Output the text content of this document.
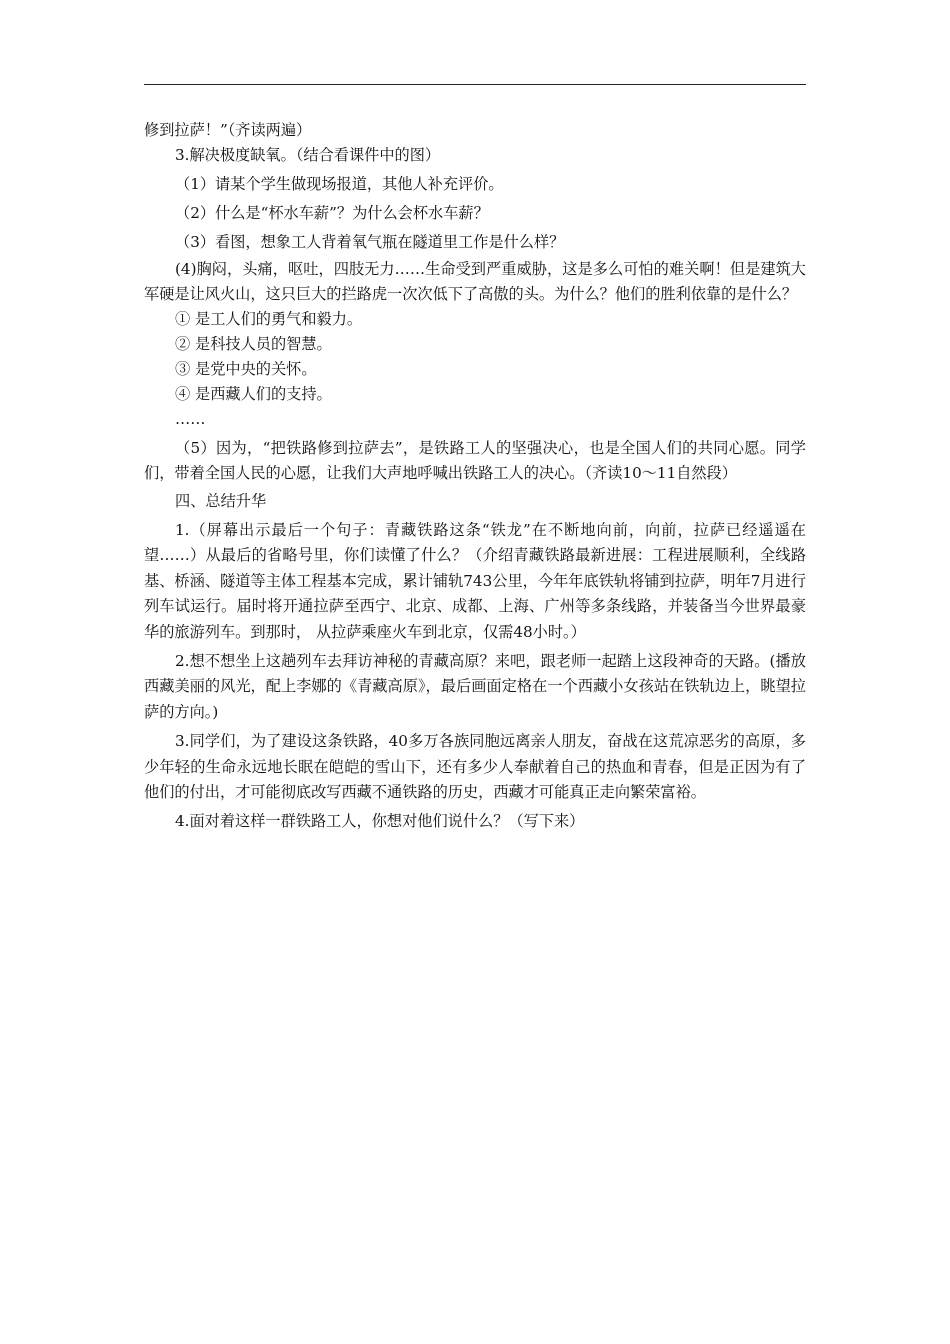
修到拉萨！”（齐读两遍）

3.解决极度缺氧。（结合看课件中的图）

（1）请某个学生做现场报道，其他人补充评价。

（2）什么是“杯水车薪”？为什么会杯水车薪？

（3）看图，想象工人背着氧气瓶在隧道里工作是什么样？

(4)胸闷，头痛，呕吐，四肢无力……生命受到严重威胁，这是多么可怕的难关啊！但是建筑大军硬是让风火山，这只巨大的拦路虎一次次低下了高傲的头。为什么？他们的胜利依靠的是什么？

① 是工人们的勇气和毅力。

② 是科技人员的智慧。

③ 是党中央的关怀。

④ 是西藏人们的支持。

……

（5）因为，“把铁路修到拉萨去”，是铁路工人的坚强决心，也是全国人们的共同心愿。同学们，带着全国人民的心愿，让我们大声地呼喊出铁路工人的决心。（齐读10～11自然段）

四、总结升华

1.（屏幕出示最后一个句子：青藏铁路这条“铁龙”在不断地向前，向前，拉萨已经遥遥在望……）从最后的省略号里，你们读懂了什么？（介绍青藏铁路最新进展：工程进展顺利，全线路基、桥涵、隧道等主体工程基本完成，累计铺轨743公里，今年年底铁轨将铺到拉萨，明年7月进行列车试运行。届时将开通拉萨至西宁、北京、成都、上海、广州等多条线路，并装备当今世界最豪华的旅游列车。到那时， 从拉萨乘座火车到北京，仅需48小时。）

2.想不想坐上这趟列车去拜访神秘的青藏高原？来吧，跟老师一起踏上这段神奇的天路。(播放西藏美丽的风光，配上李娜的《青藏高原》，最后画面定格在一个西藏小女孩站在铁轨边上，眺望拉萨的方向。)

3.同学们，为了建设这条铁路，40多万各族同胞远离亲人朋友，奋战在这荒凉恶劣的高原，多少年轻的生命永远地长眠在皑皑的雪山下，还有多少人奉献着自己的热血和青春，但是正因为有了他们的付出，才可能彻底改写西藏不通铁路的历史，西藏才可能真正走向繁荣富裕。

4.面对着这样一群铁路工人，你想对他们说什么？（写下来）
